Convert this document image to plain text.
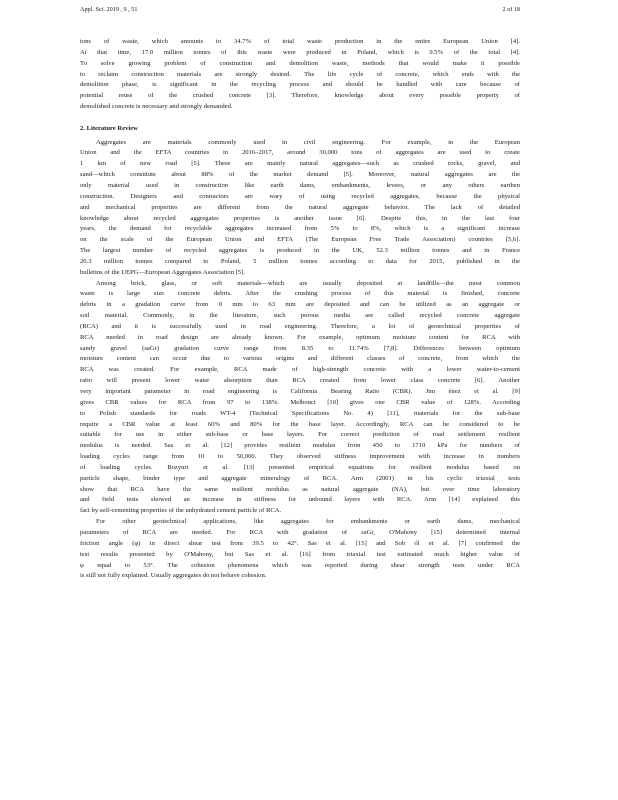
Appl. Sci. 2019 , 9 , 51	2 of 18
tons of waste, which amounts to 34.7% of total waste production in the entire European Union [4].
At that time, 17.0 million tonnes of this waste were produced in Poland, which is 9.5% of the total [4].
To solve growing problem of construction and demolition waste, methods that would make it possible
to reclaim construction materials are strongly desired. The life cycle of concrete, which ends with the
demolition phase, is significant in the recycling process and should be handled with care because of
potential reuse of the crushed concrete [3]. Therefore, knowledge about every possible property of
demolished concrete is necessary and strongly demanded.
2. Literature Review
Aggregates are materials commonly used in civil engineering. For example, in the European
Union and the EFTA countries in 2016–2017, around 30,000 tons of aggregates are used to create
1 km of new road [5]. These are mainly natural aggregates—such as crushed rocks, gravel, and
sand—which constitute about 88% of the market demand [5]. Moreover, natural aggregates are the
only material used in construction like earth dams, embankments, levees, or any others earthen
construction. Designers and contractors are wary of using recycled aggregates, because the physical
and mechanical properties are different from the natural aggregate behavior. The lack of detailed
knowledge about recycled aggregates properties is another issue [6]. Despite this, in the last four
years, the demand for recyclable aggregates increased from 5% to 8%, which is a significant increase
on the scale of the European Union and EFTA (The European Free Trade Association) countries [5,6].
The largest number of recycled aggregates is produced in the UK, 52.3 million tonnes and in France
20.3 million tonnes compared to Poland, 5 million tonnes according to data for 2015, published in the
bulletins of the UEPG—European Aggregates Association [5].
Among brick, glass, or soft materials—which are usually deposited at landfills—the most common
waste is large size concrete debris. After the crushing process of this material is finished, concrete
debris in a gradation curve from 0 mm to 63 mm are deposited and can be utilized as an aggregate or
soil material. Commonly, in the literature, such porous media are called recycled concrete aggregate
(RCA) and it is successfully used in road engineering. Therefore, a lot of geotechnical properties of
RCA needed in road design are already known. For example, optimum moisture content for RCA with
sandy gravel (saGr) gradation curve range from 8.35 to 11.74% [7,8]. Differences between optimum
moisture content can occur due to various origins and different classes of concrete, from which the
RCA was created. For example, RCA made of high-strength concrete with a lower water-to-cement
ratio will present lower water absorption than RCA created from lower class concrete [6]. Another
very important parameter in road engineering is California Bearing Ratio (CBR). Jim énez et al. [9]
gives CBR values for RCA from 97 to 138%. Melbouci [10] gives one CBR value of 128%. According
to Polish standards for roads WT-4 (Technical Specifications No. 4) [11], materials for the sub-base
require a CBR value at least 60% and 80% for the base layer. Accordingly, RCA can be considered to be
suitable for use in either sub-base or base layers. For correct prediction of road settlement resilient
modulus is needed. Sas et al. [12] provides resilient modulus from 450 to 1710 kPa for numbers of
loading cycles range from 10 to 50,000. They observed stiffness improvement with increase in numbers
of loading cycles. Bozyurt et al. [13] presented empirical equations for resilient modulus based on
particle shape, binder type and aggregate mineralogy of RCA. Arm (2001) in his cyclic triaxial tests
show that RCA have the same resilient modulus as natural aggregate (NA), but over time laboratory
and field tests showed an increase in stiffness for unbound layers with RCA. Arm [14] explained this
fact by self-cementing properties of the unhydrated cement particle of RCA.
For other geotechnical applications, like aggregates for embankments or earth dams, mechanical
parameters of RCA are needed. For RCA with gradation of saGr, O'Mahony [15] determined internal
friction angle (φ) in direct shear test from 39.5 to 42°. Sas et al. [15] and Sob ól et al. [7] confirmed the
test results presented by O'Mahony, but Sas et al. [16] from triaxial test estimated much higher value of
φ equal to 53°. The cohesion phenomena which was reported during shear strength tests under RCA
is still not fully explained. Usually aggregates do not behave cohesion.
